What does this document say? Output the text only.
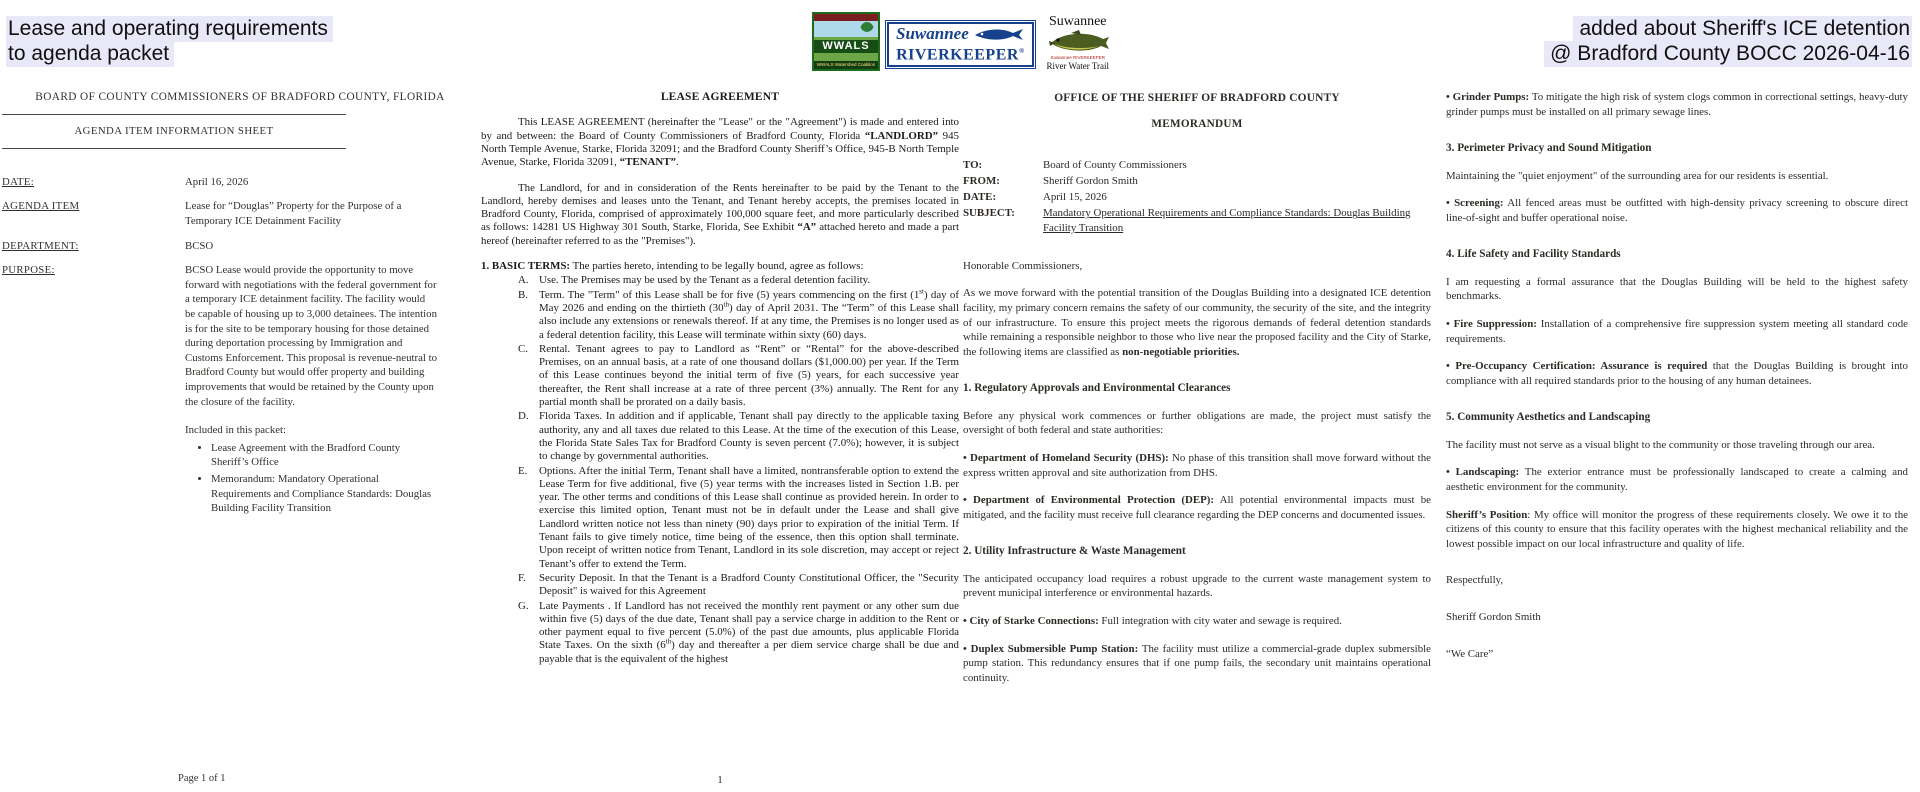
Lease and operating requirements
to agenda packet	WWALS
WWALS Watershed Coalition
Suwannee
RIVERKEEPER®
Suwannee
Suwannee RIVERKEEPER
River Water Trail
added about Sheriff's ICE detention
@ Bradford County BOCC 2026-04-16
BOARD OF COUNTY COMMISSIONERS OF BRADFORD COUNTY, FLORIDA
AGENDA ITEM INFORMATION SHEET
DATE:	April 16, 2026
AGENDA ITEM	Lease for “Douglas” Property for the Purpose of a Temporary ICE Detainment Facility
DEPARTMENT:	BCSO
PURPOSE:	BCSO Lease would provide the opportunity to move forward with negotiations with the federal government for a temporary ICE detainment facility. The facility would be capable of housing up to 3,000 detainees. The intention is for the site to be temporary housing for those detained during deportation processing by Immigration and Customs Enforcement. This proposal is revenue-neutral to Bradford County but would offer property and building improvements that would be retained by the County upon the closure of the facility.
Included in this packet:
• Lease Agreement with the Bradford County Sheriff’s Office
• Memorandum: Mandatory Operational Requirements and Compliance Standards: Douglas Building Facility Transition
Page 1 of 1
LEASE AGREEMENT

This LEASE AGREEMENT (hereinafter the "Lease" or the "Agreement") is made and entered into by and between: the Board of County Commissioners of Bradford County, Florida “LANDLORD” 945 North Temple Avenue, Starke, Florida 32091; and the Bradford County Sheriff’s Office, 945-B North Temple Avenue, Starke, Florida 32091, “TENANT”.

The Landlord, for and in consideration of the Rents hereinafter to be paid by the Tenant to the Landlord, hereby demises and leases unto the Tenant, and Tenant hereby accepts, the premises located in Bradford County, Florida, comprised of approximately 100,000 square feet, and more particularly described as follows: 14281 US Highway 301 South, Starke, Florida, See Exhibit “A” attached hereto and made a part hereof (hereinafter referred to as the "Premises").

1. BASIC TERMS: The parties hereto, intending to be legally bound, agree as follows:

A. Use. The Premises may be used by the Tenant as a federal detention facility.
B.	Term. The "Term" of this Lease shall be for five (5) years commencing on the first (1st) day of May 2026 and ending on the thirtieth (30th) day of April 2031. The “Term” of this Lease shall also include any extensions or renewals thereof. If at any time, the Premises is no longer used as a federal detention facility, this Lease will terminate within sixty (60) days.
C.	Rental. Tenant agrees to pay to Landlord as “Rent” or “Rental” for the above-described Premises, on an annual basis, at a rate of one thousand dollars ($1,000.00) per year. If the Term of this Lease continues beyond the initial term of five (5) years, for each successive year thereafter, the Rent shall increase at a rate of three percent (3%) annually. The Rent for any partial month shall be prorated on a daily basis.
D. Florida Taxes. In addition and if applicable, Tenant shall pay directly to the applicable taxing authority, any and all taxes due related to this Lease. At the time of the execution of this Lease, the Florida State Sales Tax for Bradford County is seven percent (7.0%); however, it is subject to change by governmental authorities.
E.	Options. After the initial Term, Tenant shall have a limited, nontransferable option to extend the Lease Term for five additional, five (5) year terms with the increases listed in Section 1.B. per year. The other terms and conditions of this Lease shall continue as provided herein. In order to exercise this limited option, Tenant must not be in default under the Lease and shall give Landlord written notice not less than ninety (90) days prior to expiration of the initial Term. If Tenant fails to give timely notice, time being of the essence, then this option shall terminate. Upon receipt of written notice from Tenant, Landlord in its sole discretion, may accept or reject Tenant’s offer to extend the Term.
F.	Security Deposit. In that the Tenant is a Bradford County Constitutional Officer, the "Security Deposit" is waived for this Agreement
G. Late Payments . If Landlord has not received the monthly rent payment or any other sum due within five (5) days of the due date, Tenant shall pay a service charge in addition to the Rent or other payment equal to five percent (5.0%) of the past due amounts, plus applicable Florida State Taxes. On the sixth (6th) day and thereafter a per diem service charge shall be due and payable that is the equivalent of the highest
1
OFFICE OF THE SHERIFF OF BRADFORD COUNTY
MEMORANDUM
TO:	Board of County Commissioners
FROM:	Sheriff Gordon Smith
DATE:	April 15, 2026
SUBJECT:	Mandatory Operational Requirements and Compliance Standards: Douglas Building Facility Transition

Honorable Commissioners,

As we move forward with the potential transition of the Douglas Building into a designated ICE detention facility, my primary concern remains the safety of our community, the security of the site, and the integrity of our infrastructure. To ensure this project meets the rigorous demands of federal detention standards while remaining a responsible neighbor to those who live near the proposed facility and the City of Starke, the following items are classified as non-negotiable priorities.

1. Regulatory Approvals and Environmental Clearances

Before any physical work commences or further obligations are made, the project must satisfy the oversight of both federal and state authorities:

• Department of Homeland Security (DHS): No phase of this transition shall move forward without the express written approval and site authorization from DHS.

• Department of Environmental Protection (DEP): All potential environmental impacts must be mitigated, and the facility must receive full clearance regarding the DEP concerns and documented issues.

2. Utility Infrastructure & Waste Management

The anticipated occupancy load requires a robust upgrade to the current waste management system to prevent municipal interference or environmental hazards.

• City of Starke Connections: Full integration with city water and sewage is required.

• Duplex Submersible Pump Station: The facility must utilize a commercial-grade duplex submersible pump station. This redundancy ensures that if one pump fails, the secondary unit maintains operational continuity.

• Grinder Pumps: To mitigate the high risk of system clogs common in correctional settings, heavy-duty grinder pumps must be installed on all primary sewage lines.

3. Perimeter Privacy and Sound Mitigation

Maintaining the "quiet enjoyment" of the surrounding area for our residents is essential.

• Screening: All fenced areas must be outfitted with high-density privacy screening to obscure direct line-of-sight and buffer operational noise.

4. Life Safety and Facility Standards

I am requesting a formal assurance that the Douglas Building will be held to the highest safety benchmarks.

• Fire Suppression: Installation of a comprehensive fire suppression system meeting all standard code requirements.

• Pre-Occupancy Certification: Assurance is required that the Douglas Building is brought into compliance with all required standards prior to the housing of any human detainees.

5. Community Aesthetics and Landscaping

The facility must not serve as a visual blight to the community or those traveling through our area.

• Landscaping: The exterior entrance must be professionally landscaped to create a calming and aesthetic environment for the community.

Sheriff’s Position: My office will monitor the progress of these requirements closely. We owe it to the citizens of this county to ensure that this facility operates with the highest mechanical reliability and the lowest possible impact on our local infrastructure and quality of life.

Respectfully,

Sheriff Gordon Smith

“We Care”
